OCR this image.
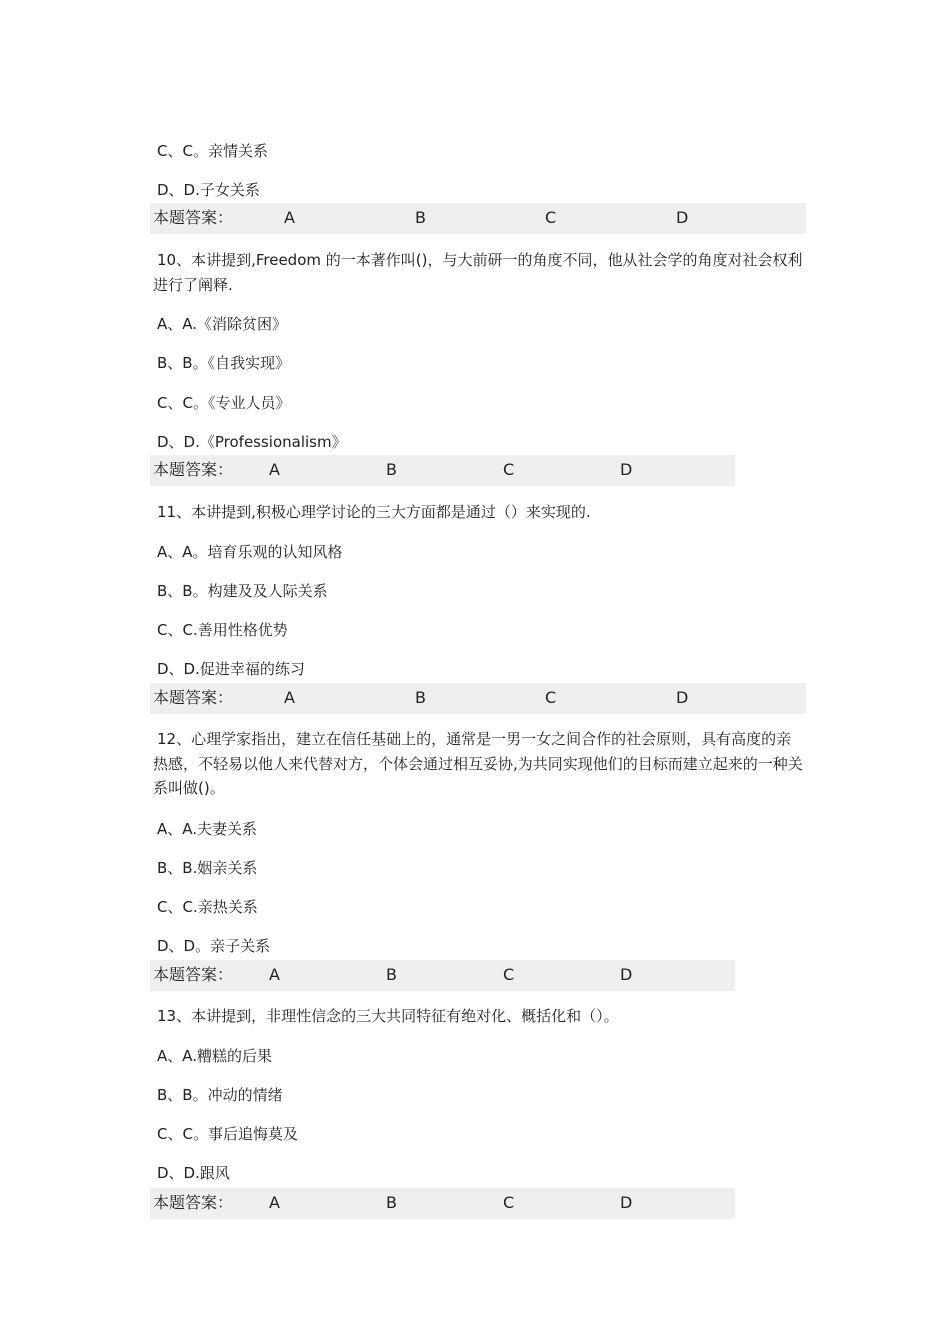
C、C。亲情关系
D、D.子女关系
本题答案：	A	B	C	D
10、本讲提到,Freedom 的一本著作叫()，与大前研一的角度不同，他从社会学的角度对社会权利进行了阐释.
A、A.《消除贫困》
B、B。《自我实现》
C、C。《专业人员》
D、D.《Professionalism》
本题答案： A	B	C	D
11、本讲提到,积极心理学讨论的三大方面都是通过（）来实现的.
A、A。培育乐观的认知风格
B、B。构建及及人际关系
C、C.善用性格优势
D、D.促进幸福的练习
本题答案：	A	B	C	D
12、心理学家指出，建立在信任基础上的，通常是一男一女之间合作的社会原则，具有高度的亲热感，不轻易以他人来代替对方，个体会通过相互妥协,为共同实现他们的目标而建立起来的一种关系叫做()。
A、A.夫妻关系
B、B.姻亲关系
C、C.亲热关系
D、D。亲子关系
本题答案： A	B	C	D
13、本讲提到，非理性信念的三大共同特征有绝对化、概括化和（）。
A、A.糟糕的后果
B、B。冲动的情绪
C、C。事后追悔莫及
D、D.跟风
本题答案： A	B	C	D
